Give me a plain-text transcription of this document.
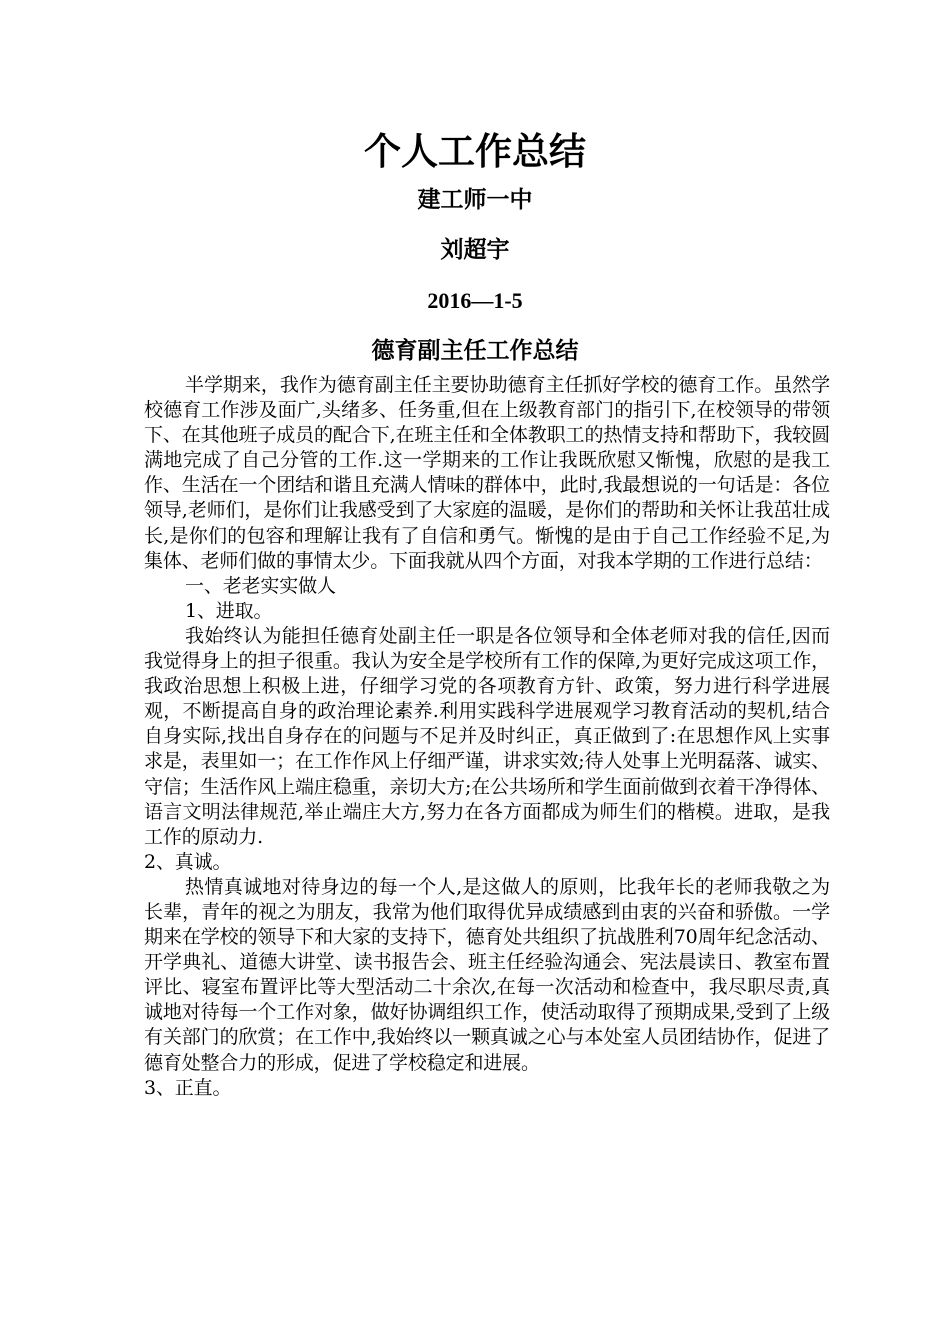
个人工作总结
建工师一中
刘超宇
2016—1-5
德育副主任工作总结

半学期来，我作为德育副主任主要协助德育主任抓好学校的德育工作。虽然学校德育工作涉及面广,头绪多、任务重,但在上级教育部门的指引下,在校领导的带领下、在其他班子成员的配合下,在班主任和全体教职工的热情支持和帮助下，我较圆满地完成了自己分管的工作.这一学期来的工作让我既欣慰又惭愧，欣慰的是我工作、生活在一个团结和谐且充满人情味的群体中，此时,我最想说的一句话是：各位领导,老师们，是你们让我感受到了大家庭的温暖，是你们的帮助和关怀让我茁壮成长,是你们的包容和理解让我有了自信和勇气。惭愧的是由于自己工作经验不足,为集体、老师们做的事情太少。下面我就从四个方面，对我本学期的工作进行总结：

一、老老实实做人

1、进取。

我始终认为能担任德育处副主任一职是各位领导和全体老师对我的信任,因而我觉得身上的担子很重。我认为安全是学校所有工作的保障,为更好完成这项工作，我政治思想上积极上进，仔细学习党的各项教育方针、政策，努力进行科学进展观，不断提高自身的政治理论素养.利用实践科学进展观学习教育活动的契机,结合自身实际,找出自身存在的问题与不足并及时纠正，真正做到了:在思想作风上实事求是，表里如一；在工作作风上仔细严谨，讲求实效;待人处事上光明磊落、诚实、守信；生活作风上端庄稳重，亲切大方;在公共场所和学生面前做到衣着干净得体、语言文明法律规范,举止端庄大方,努力在各方面都成为师生们的楷模。进取，是我工作的原动力.

2、真诚。

热情真诚地对待身边的每一个人,是这做人的原则，比我年长的老师我敬之为长辈，青年的视之为朋友，我常为他们取得优异成绩感到由衷的兴奋和骄傲。一学期来在学校的领导下和大家的支持下，德育处共组织了抗战胜利70周年纪念活动、开学典礼、道德大讲堂、读书报告会、班主任经验沟通会、宪法晨读日、教室布置评比、寝室布置评比等大型活动二十余次,在每一次活动和检查中，我尽职尽责,真诚地对待每一个工作对象，做好协调组织工作，使活动取得了预期成果,受到了上级有关部门的欣赏；在工作中,我始终以一颗真诚之心与本处室人员团结协作，促进了德育处整合力的形成，促进了学校稳定和进展。

3、正直。
